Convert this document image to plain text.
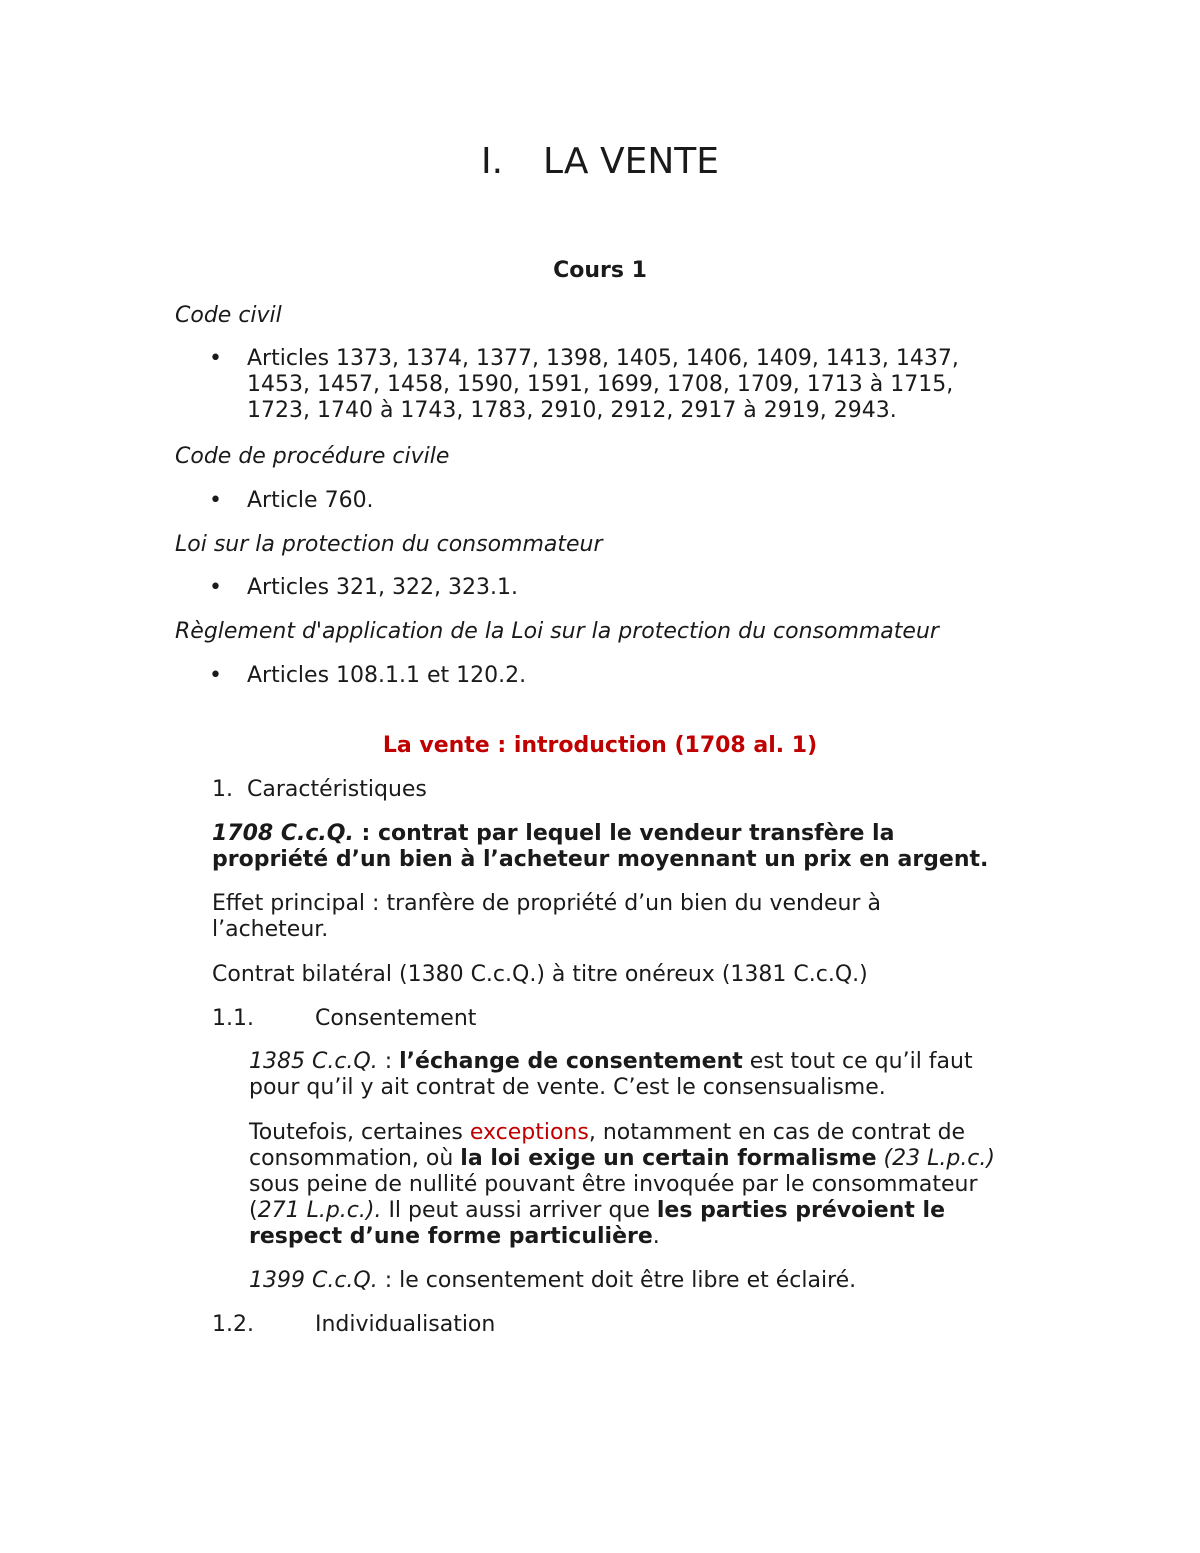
I. LA VENTE
Cours 1
Code civil
• Articles 1373, 1374, 1377, 1398, 1405, 1406, 1409, 1413, 1437, 1453, 1457, 1458, 1590, 1591, 1699, 1708, 1709, 1713 à 1715, 1723, 1740 à 1743, 1783, 2910, 2912, 2917 à 2919, 2943.
Code de procédure civile
• Article 760.
Loi sur la protection du consommateur
• Articles 321, 322, 323.1.
Règlement d'application de la Loi sur la protection du consommateur
• Articles 108.1.1 et 120.2.
La vente : introduction (1708 al. 1)
1. Caractéristiques
1708 C.c.Q. : contrat par lequel le vendeur transfère la propriété d’un bien à l’acheteur moyennant un prix en argent.
Effet principal : tranfère de propriété d’un bien du vendeur à l’acheteur.
Contrat bilatéral (1380 C.c.Q.) à titre onéreux (1381 C.c.Q.)
1.1.	Consentement
1385 C.c.Q. : l’échange de consentement est tout ce qu’il faut pour qu’il y ait contrat de vente. C’est le consensualisme.
Toutefois, certaines exceptions, notamment en cas de contrat de consommation, où la loi exige un certain formalisme (23 L.p.c.) sous peine de nullité pouvant être invoquée par le consommateur (271 L.p.c.). Il peut aussi arriver que les parties prévoient le respect d’une forme particulière.
1399 C.c.Q. : le consentement doit être libre et éclairé.
1.2.	Individualisation
